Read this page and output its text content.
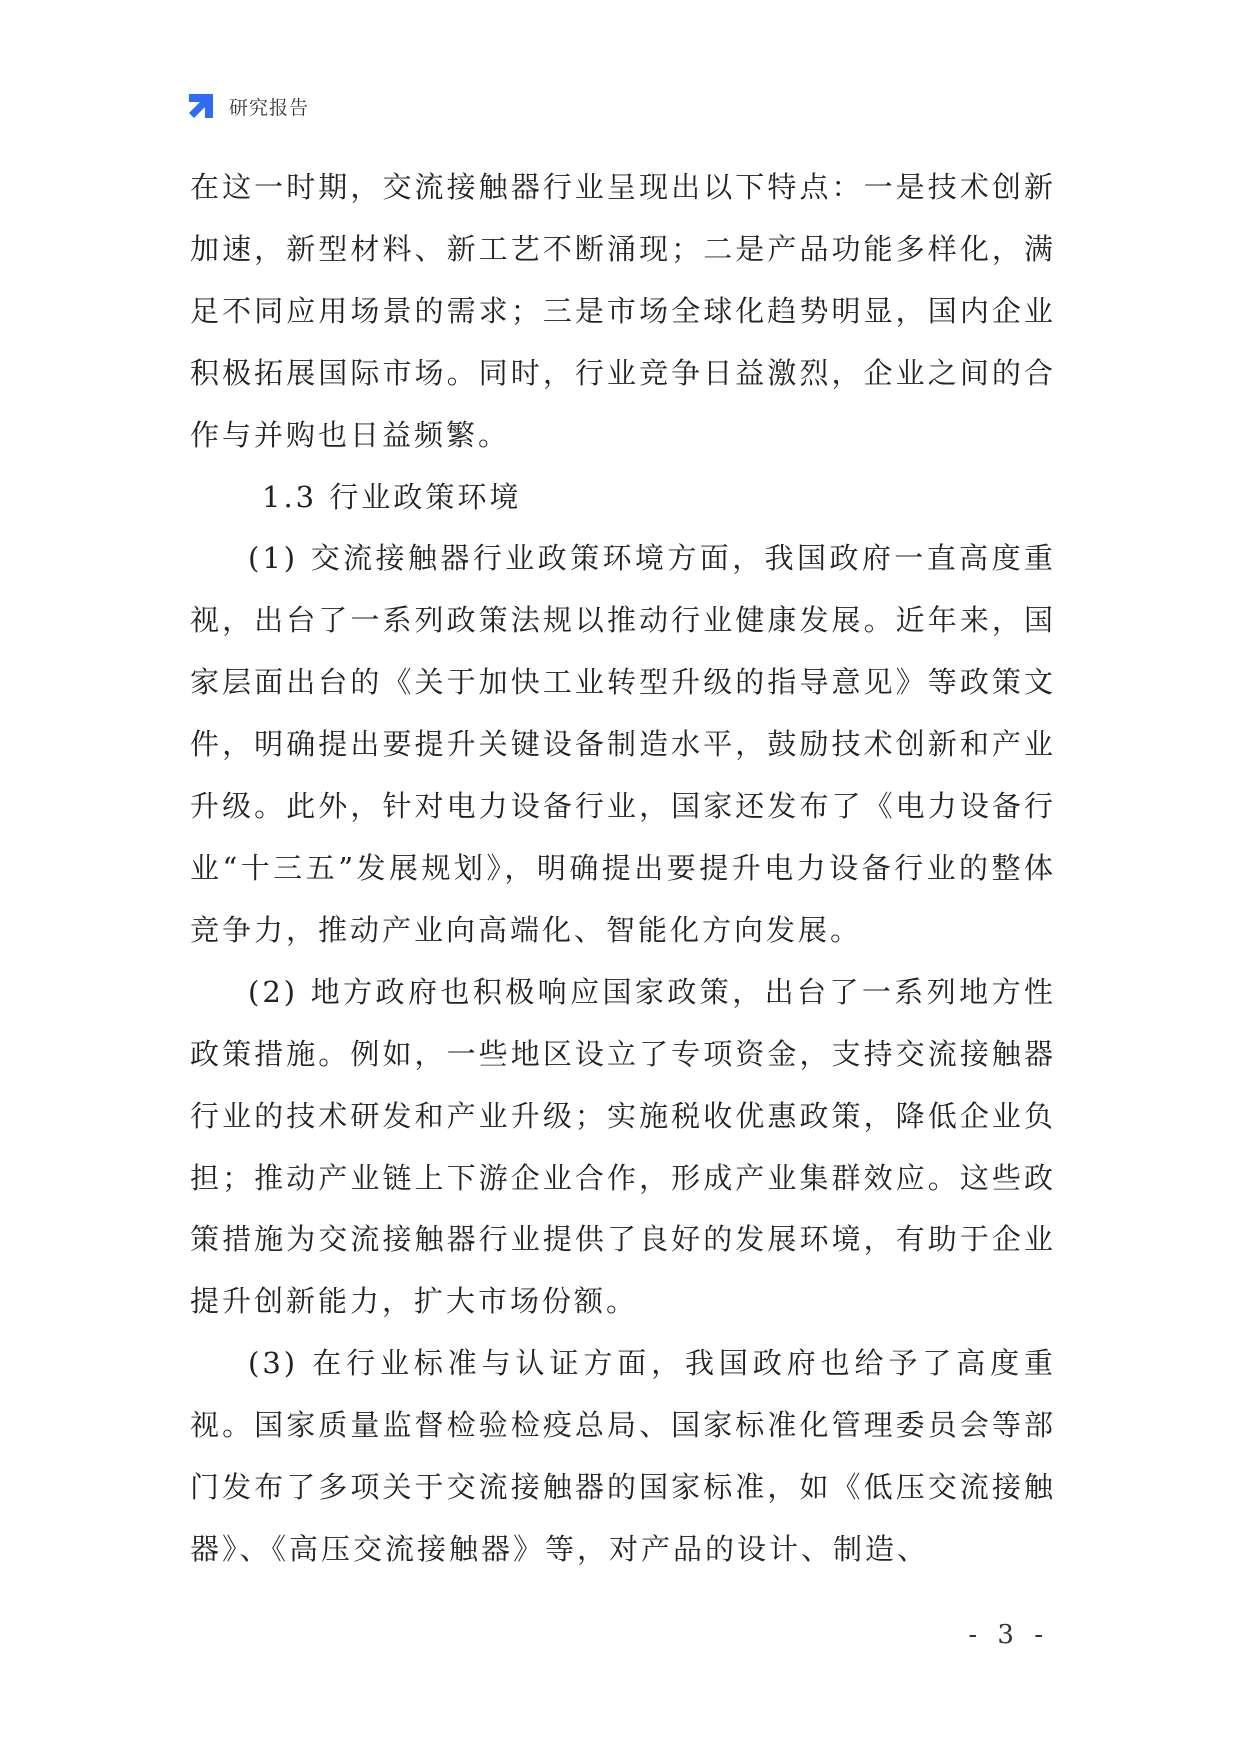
研究报告

在这一时期，交流接触器行业呈现出以下特点：一是技术创新加速，新型材料、新工艺不断涌现；二是产品功能多样化，满足不同应用场景的需求；三是市场全球化趋势明显，国内企业积极拓展国际市场。同时，行业竞争日益激烈，企业之间的合作与并购也日益频繁。

1.3 行业政策环境

(1) 交流接触器行业政策环境方面，我国政府一直高度重视，出台了一系列政策法规以推动行业健康发展。近年来，国家层面出台的《关于加快工业转型升级的指导意见》等政策文件，明确提出要提升关键设备制造水平，鼓励技术创新和产业升级。此外，针对电力设备行业，国家还发布了《电力设备行业“十三五”发展规划》，明确提出要提升电力设备行业的整体竞争力，推动产业向高端化、智能化方向发展。

(2) 地方政府也积极响应国家政策，出台了一系列地方性政策措施。例如，一些地区设立了专项资金，支持交流接触器行业的技术研发和产业升级；实施税收优惠政策，降低企业负担；推动产业链上下游企业合作，形成产业集群效应。这些政策措施为交流接触器行业提供了良好的发展环境，有助于企业提升创新能力，扩大市场份额。

(3) 在行业标准与认证方面，我国政府也给予了高度重视。国家质量监督检验检疫总局、国家标准化管理委员会等部门发布了多项关于交流接触器的国家标准，如《低压交流接触器》、《高压交流接触器》等，对产品的设计、制造、

- 3 -
